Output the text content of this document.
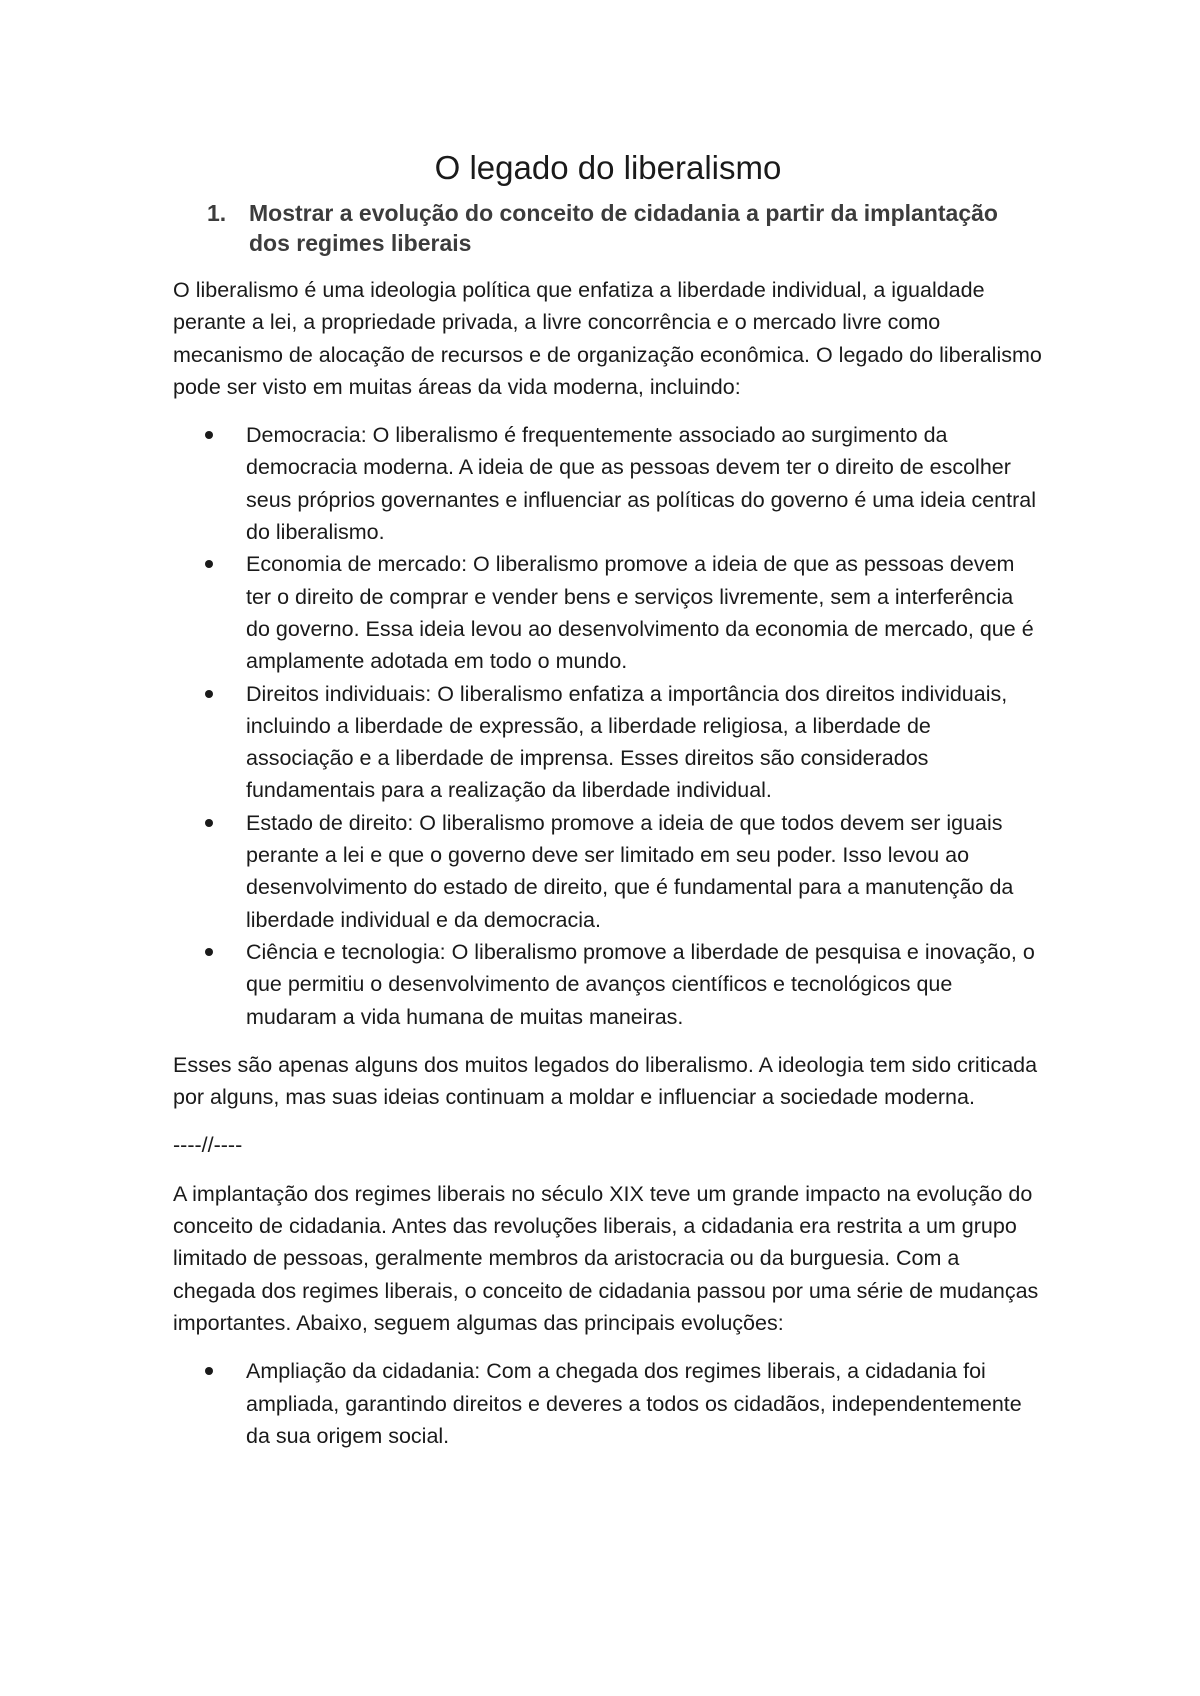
O legado do liberalismo
1. Mostrar a evolução do conceito de cidadania a partir da implantação dos regimes liberais

O liberalismo é uma ideologia política que enfatiza a liberdade individual, a igualdade perante a lei, a propriedade privada, a livre concorrência e o mercado livre como mecanismo de alocação de recursos e de organização econômica. O legado do liberalismo pode ser visto em muitas áreas da vida moderna, incluindo:

Democracia: O liberalismo é frequentemente associado ao surgimento da democracia moderna. A ideia de que as pessoas devem ter o direito de escolher seus próprios governantes e influenciar as políticas do governo é uma ideia central do liberalismo.
Economia de mercado: O liberalismo promove a ideia de que as pessoas devem ter o direito de comprar e vender bens e serviços livremente, sem a interferência do governo. Essa ideia levou ao desenvolvimento da economia de mercado, que é amplamente adotada em todo o mundo.
Direitos individuais: O liberalismo enfatiza a importância dos direitos individuais, incluindo a liberdade de expressão, a liberdade religiosa, a liberdade de associação e a liberdade de imprensa. Esses direitos são considerados fundamentais para a realização da liberdade individual.
Estado de direito: O liberalismo promove a ideia de que todos devem ser iguais perante a lei e que o governo deve ser limitado em seu poder. Isso levou ao desenvolvimento do estado de direito, que é fundamental para a manutenção da liberdade individual e da democracia.
Ciência e tecnologia: O liberalismo promove a liberdade de pesquisa e inovação, o que permitiu o desenvolvimento de avanços científicos e tecnológicos que mudaram a vida humana de muitas maneiras.

Esses são apenas alguns dos muitos legados do liberalismo. A ideologia tem sido criticada por alguns, mas suas ideias continuam a moldar e influenciar a sociedade moderna.

----//----

A implantação dos regimes liberais no século XIX teve um grande impacto na evolução do conceito de cidadania. Antes das revoluções liberais, a cidadania era restrita a um grupo limitado de pessoas, geralmente membros da aristocracia ou da burguesia. Com a chegada dos regimes liberais, o conceito de cidadania passou por uma série de mudanças importantes. Abaixo, seguem algumas das principais evoluções:

Ampliação da cidadania: Com a chegada dos regimes liberais, a cidadania foi ampliada, garantindo direitos e deveres a todos os cidadãos, independentemente da sua origem social.
